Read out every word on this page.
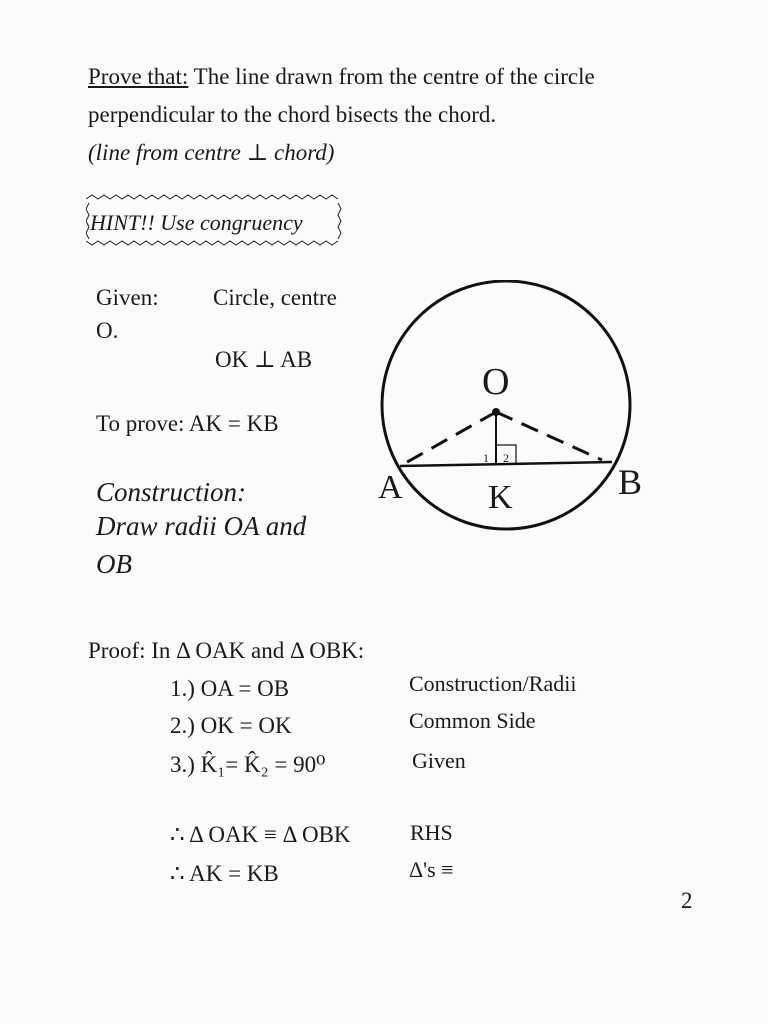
Prove that: The line drawn from the centre of the circle
perpendicular to the chord bisects the chord.
(line from centre ⊥ chord)
HINT!! Use congruency
Given: Circle, centre
O.
OK ⊥ AB
To prove: AK = KB
Construction:
Draw radii OA and
OB
O
A	B
K
1 2
Proof: In Δ OAK and Δ OBK:
1.) OA = OB	Construction/Radii
2.) OK = OK	Common Side
3.) K̂₁= K̂₂ = 90⁰	Given
∴ Δ OAK ≡ Δ OBK	RHS
∴ AK = KB	Δ's ≡
2
